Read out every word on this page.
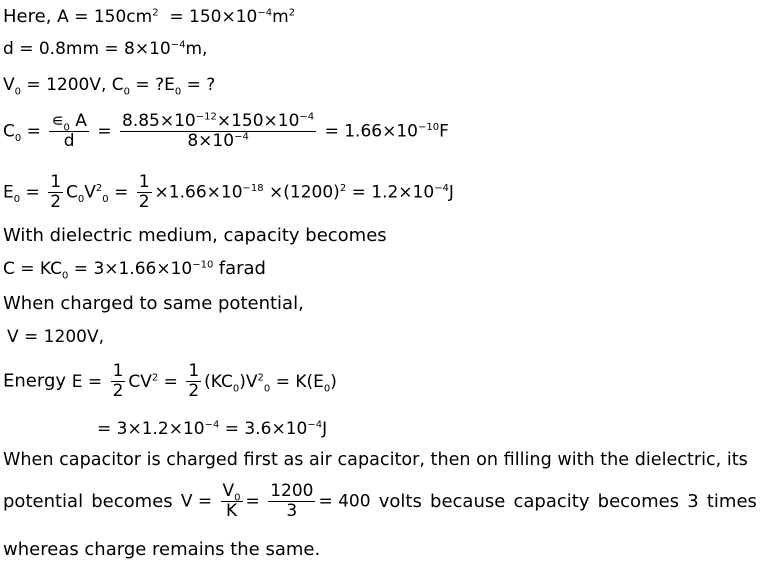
Here, $A = 150cm^2 = 150\times 10^{-4}m^2$
$d = 0.8mm = 8\times 10^{-4}m$,
$V_0 = 1200V$, $C_0$ = $?E_0$ = ?
$C_0 = \frac{∊_0 A}{d} = \frac{8.85\times 10^{-12}\times 150\times 10^{-4}}{8\times 10^{-4}} = 1.66\times 10^{-10}F$
$E_0 = \frac{1}{2} C_0V^2_0 = \frac{1}{2} \times 1.66\times 10^{-18} \times(1200)^2 = 1.2\times 10^{-4}J$
With dielectric medium, capacity becomes
$C = KC_0 = 3\times 1.66\times 10^{-10}$ farad
When charged to same potential,
V = 1200V,
Energy $E = \frac{1}{2} CV^2 = \frac{1}{2} (KC_0)V^2_0 = K(E_0)$
= $3\times 1.2\times 10^{-4} = 3.6\times 10^{-4}J$
When capacitor is charged first as air capacitor, then on filling with the dielectric, its
potential becomes $V = \frac{V_0}{K} = \frac{1200}{3} = 400$ volts because capacity becomes 3 times
whereas charge remains the same.
